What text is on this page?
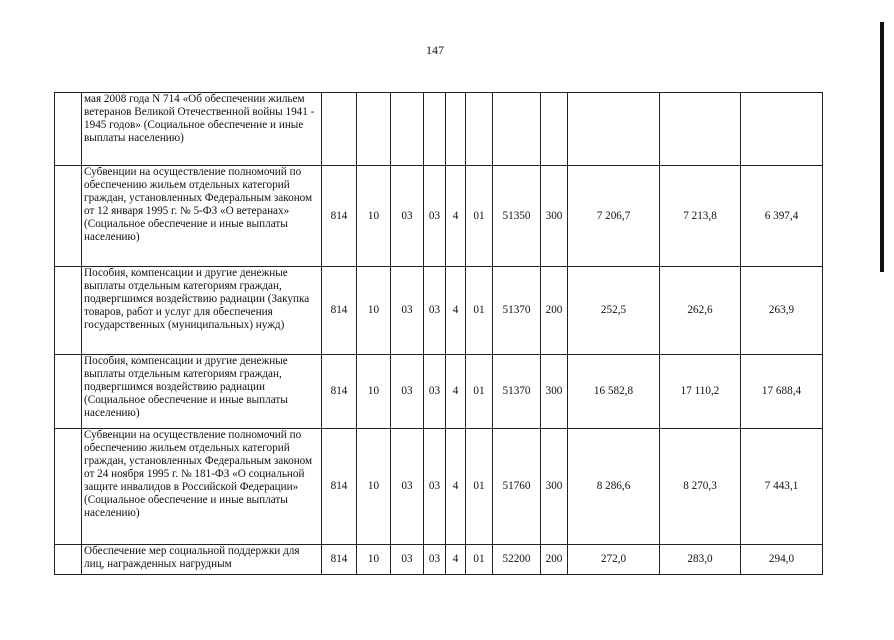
147
	мая 2008 года N 714 «Об обеспечении жильем ветеранов Великой Отечественной войны 1941 - 1945 годов» (Социальное обеспечение и иные выплаты населению)											
	Субвенции на осуществление полномочий по обеспечению жильем отдельных категорий граждан, установленных Федеральным законом от 12 января 1995 г. № 5-ФЗ «О ветеранах» (Социальное обеспечение и иные выплаты населению)	814	10	03	03	4	01	51350	300	7 206,7	7 213,8	6 397,4
	Пособия, компенсации и другие денежные выплаты отдельным категориям граждан, подвергшимся воздействию радиации (Закупка товаров, работ и услуг для обеспечения государственных (муниципальных) нужд)	814	10	03	03	4	01	51370	200	252,5	262,6	263,9
	Пособия, компенсации и другие денежные выплаты отдельным категориям граждан, подвергшимся воздействию радиации (Социальное обеспечение и иные выплаты населению)	814	10	03	03	4	01	51370	300	16 582,8	17 110,2	17 688,4
	Субвенции на осуществление полномочий по обеспечению жильем отдельных категорий граждан, установленных Федеральным законом от 24 ноября 1995 г. № 181-ФЗ «О социальной защите инвалидов в Российской Федерации» (Социальное обеспечение и иные выплаты населению)	814	10	03	03	4	01	51760	300	8 286,6	8 270,3	7 443,1
	Обеспечение мер социальной поддержки для лиц, награжденных нагрудным	814	10	03	03	4	01	52200	200	272,0	283,0	294,0
